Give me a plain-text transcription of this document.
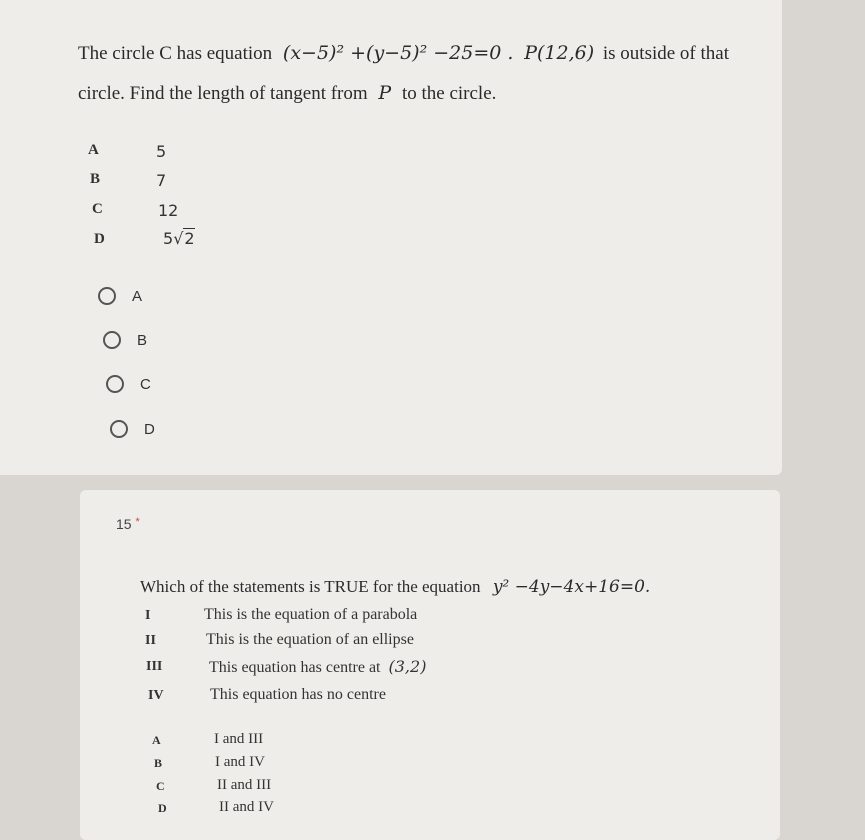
The circle C has equation (x−5)² +(y−5)² −25=0 . P(12,6) is outside of that
circle. Find the length of tangent from P to the circle.
A	5
B	7
C	12
D	5√2
A
B
C
D
15 *
Which of the statements is TRUE for the equation y² −4y−4x+16=0.
I	This is the equation of a parabola
II	This is the equation of an ellipse
III	This equation has centre at (3,2)
IV	This equation has no centre
A	I and III
B	I and IV
C	II and III
D	II and IV
